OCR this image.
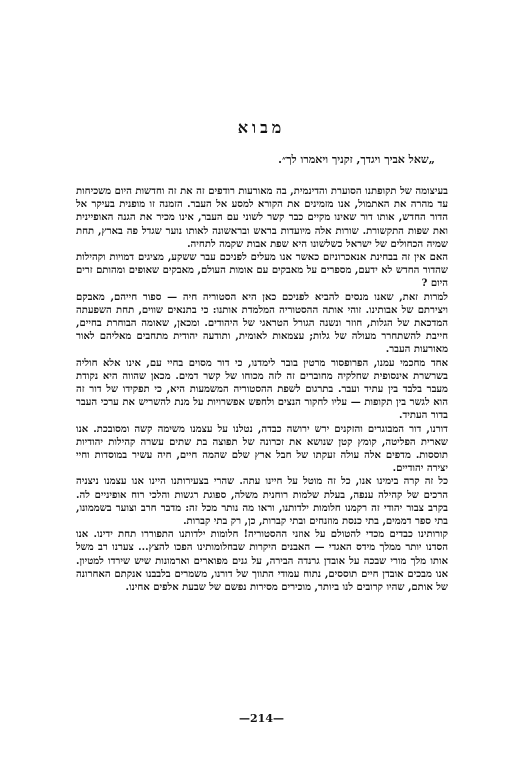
מבוא
„שאל אביך ויגדך, זקניך ויאמרו לך״.

בעיצומה של תקופתנו הסוערת והדינמית, בה מאורעות רודפים זה את זה וחדשות היום משכיחות עד מהרה את האתמול, אנו מזמינים את הקורא למסע אל העבר. הזמנה זו מופנית בעיקר אל הדור החדש, אותו דור שאינו מקיים כבר קשר לשוני עם העבר, אינו מכיר את הגנה האופיינית ואת שפות התקשורת. שורות אלה מיועדות בראש ובראשונה לאותו נוער שגדל פה בארץ, תחת שמיה הכחולים של ישראל כשלשונו היא שפת אבות שקמה לתחיה.

האם אין זה בבחינת אנאכרוניזם כאשר אנו מעלים לפניכם עבר ששקע, מציגים דמויות וקהילות שהדור החדש לא ידעם, מספרים על מאבקים עם אומות העולם, מאבקים שאופים ומהותם זרים היום ?

למרות זאת, שאנו מנסים להביא לפניכם כאן היא הסטוריה חיה — ספור חייהם, מאבקם ויצירתם של אבותינו. זוהי אותה ההסטוריה המלמדת אותנו: כי בתנאים שווים, תחת השפעתה המדכאת של הגלות, חוזר ונשנה הגורל הטראגי של היהודים. ומכאן, שאומה הבוחרת בחיים, חייבת להשתחרר מעולה של גלות; עצמאות לאומית, ותודעה יהודית מתחבים מאליהם לאור מאורעות העבר.

אחד מחכמי עמנו, הפרופסור מרטין בובר לימדנו, כי דור מסוים בחיי עם, אינו אלא חוליה בשרשרת אינסופית שחלקיה מחוברים זה לזה מכוחו של קשר דמים. מכאן שהווה היא נקודת מעבר בלבד בין עתיד ועבר. בתרגום לשפת ההסטוריה המשמעות היא, כי תפקידו של דור זה הוא לגשר בין תקופות — עליו לחקור הנצים ולחפש אפשרויות על מנת להשריש את ערכי העבר בדור העתיד.

דורנו, דור המבוגרים והזקנים ירש ירושה כבדה, נטלנו על עצמנו משימה קשה ומסובכת. אנו שארית הפליטה, קומץ קטן שנושא את זכרונה של תפוצה בת שתים עשרה קהילות יהודיות תוססות. מדפים אלה עולה זעקתו של חבל ארץ שלם שהמה חיים, חיה עשיר במוסדות וחיי יצירה יהודיים.

כל זה קרה בימינו אנו, כל זה מוטל על חיינו עתה. שהרי בצעירותנו היינו אנו עצמנו ניצניה הרכים של קהילה ענפה, בעלת שלמות רוחנית משלה, ספוגת רגשות והלכי רוח אופיניים לה. בקרב צבור יהודי זה רקמנו חלומות ילדותנו, וראו מה נותר מכל זה: מדבר חרב וצוער בשממונו, בתי ספר דממים, בתי כנסת מוזנחים ובתי קברות, כן, רק בתי קברות.

קורותינו כבדים מכדי להטולם על אוזני ההסטוריה! חלומות ילדותנו התפוררו תחת ידינו. אנו הסדנו יותר ממלך מידס האגדי — האבנים היקרות שבחלומותינו הפכו להצץ... צערנו רב משל אותו מלך מורי שבכה על אובדן גרנדה הבירה, על גנים מפוארים וארמונות שיש שירדו למטיון. אנו מבכים אובדן חיים תוססים, נתוח עמודי התווך של דורנו, משמרים בלבבנו אנקתם האחרונה של אותם, שהיו קרובים לנו ביותר, מוכירים מסירות נפשם של שבעת אלפים אחינו.

—214—
